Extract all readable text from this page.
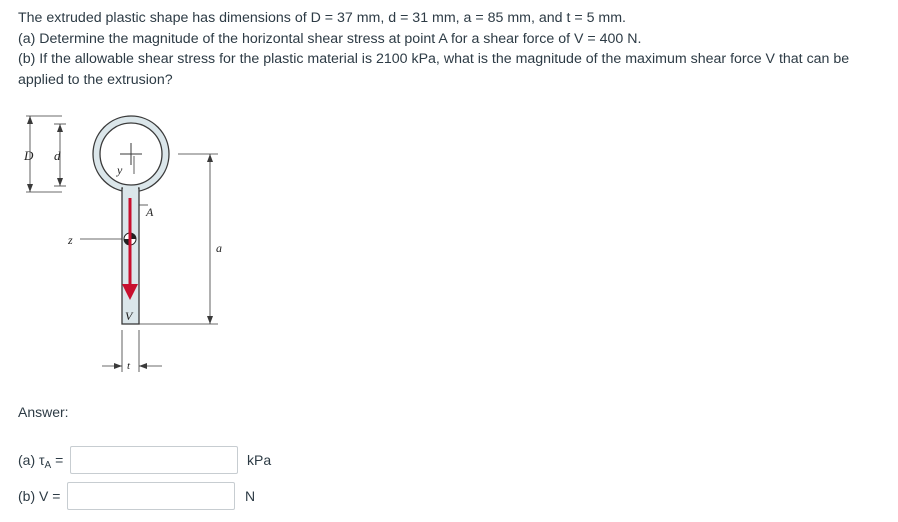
The extruded plastic shape has dimensions of D = 37 mm, d = 31 mm, a = 85 mm, and t = 5 mm.

(a) Determine the magnitude of the horizontal shear stress at point A for a shear force of V = 400 N.

(b) If the allowable shear stress for the plastic material is 2100 kPa, what is the magnitude of the maximum shear force V that can be

applied to the extrusion?

y
D d
A
z
V
a
t
Answer:
(a) $\tau_A$ =	kPa
(b) V =	N
